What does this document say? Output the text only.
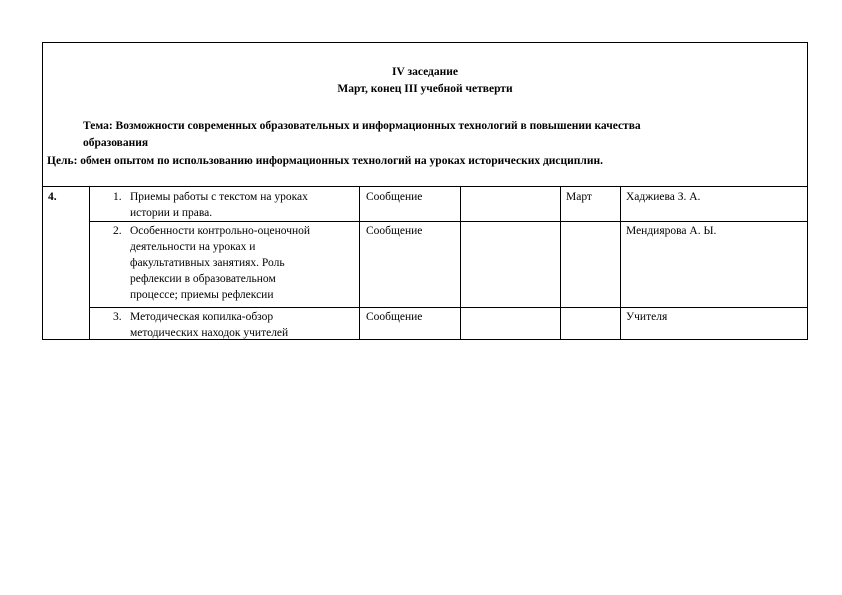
IV заседание
Март, конец III учебной четверти
Тема: Возможности современных образовательных и информационных технологий в повышении качества
образования
Цель: обмен опытом по использованию информационных технологий на уроках исторических дисциплин.
4.	1. Приемы работы с текстом на уроках
истории и права.
Сообщение	Март	Хаджиева З. А.
2. Особенности контрольно-оценочной
деятельности на уроках и
факультативных занятиях. Роль
рефлексии в образовательном
процессе; приемы рефлексии
Сообщение	Мендиярова А. Ы.
3. Методическая копилка-обзор
методических находок учителей
Сообщение	Учителя
